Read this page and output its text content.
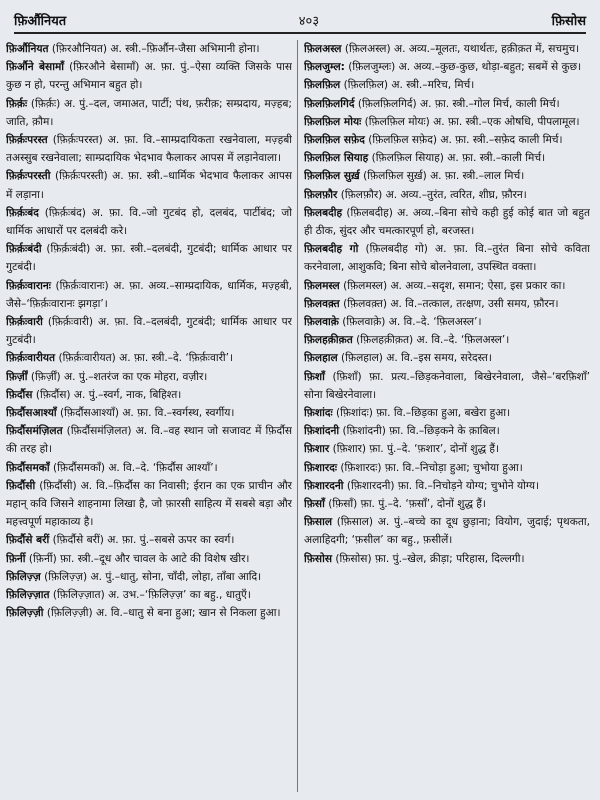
फ़िर्औनियत	४०३	फ़िसोस
फ़िर्औनियत (फ़िरऔनियत) अ. स्त्री.–फ़िर्औन-जैसा अभिमानी होना।
फ़िर्औने बेसामाँ (फ़िरऔने बेसामाँ) अ. फ़ा. पुं.–ऐसा व्यक्ति जिसके पास कुछ न हो, परन्तु अभिमान बहुत हो।
फ़िर्क़ः (फ़िर्क़ः) अ. पुं.–दल, जमाअत, पार्टी; पंथ, फ़रीक़; सम्प्रदाय, मज़्हब; जाति, क़ौम।
फ़िर्क़ःपरस्त (फ़िर्क़ःपरस्त) अ. फ़ा. वि.–साम्प्रदायिकता रखनेवाला, मज़्हबी तअस्सुब रखनेवाला; साम्प्रदायिक भेदभाव फैलाकर आपस में लड़ानेवाला।
फ़िर्क़ःपरस्ती (फ़िर्क़ःपरस्ती) अ. फ़ा. स्त्री.–धार्मिक भेदभाव फैलाकर आपस में लड़ाना।
फ़िर्क़ःबंद (फ़िर्क़ःबंद) अ. फ़ा. वि.–जो गुटबंद हो, दलबंद, पार्टीबंद; जो धार्मिक आधारों पर दलबंदी करे।
फ़िर्क़ःबंदी (फ़िर्क़ःबंदी) अ. फ़ा. स्त्री.–दलबंदी, गुटबंदी; धार्मिक आधार पर गुटबंदी।
फ़िर्क़ःवारानः (फ़िर्क़ःवारानः) अ. फ़ा. अव्य.–साम्प्रदायिक, धार्मिक, मज़्हबी, जैसे–‘फ़िर्क़ःवारानः झगड़ा’।
फ़िर्क़ःवारी (फ़िर्क़ःवारी) अ. फ़ा. वि.–दलबंदी, गुटबंदी; धार्मिक आधार पर गुटबंदी।
फ़िर्क़ःवारीयत (फ़िर्क़ःवारीयत) अ. फ़ा. स्त्री.–दे. ‘फ़िर्क़ःवारी’।
फ़िर्ज़ीं (फ़िर्ज़ीं) अ. पुं.–शतरंज का एक मोहरा, वज़ीर।
फ़िर्दौस (फ़िर्दौस) अ. पुं.–स्वर्ग, नाक, बिहिश्त।
फ़िर्दौसआश्याँ (फ़िर्दौसआश्याँ) अ. फ़ा. वि.–स्वर्गस्थ, स्वर्गीय।
फ़िर्दौसमंज़िलत (फ़िर्दौसमंज़िलत) अ. वि.–वह स्थान जो सजावट में फ़िर्दौस की तरह हो।
फ़िर्दौसमकाँ (फ़िर्दौसमकाँ) अ. वि.–दे. ‘फ़िर्दौस आश्याँ’।
फ़िर्दौसी (फ़िर्दौसी) अ. वि.–फ़िर्दौस का निवासी; ईरान का एक प्राचीन और महान् कवि जिसने शाहनामा लिखा है, जो फ़ारसी साहित्य में सबसे बड़ा और महत्त्वपूर्ण महाकाव्य है।
फ़िर्दौसे बरीं (फ़िर्दौसे बरीं) अ. फ़ा. पुं.–सबसे ऊपर का स्वर्ग।
फ़िर्नी (फ़िर्नी) फ़ा. स्त्री.–दूध और चावल के आटे की विशेष खीर।
फ़िलिज़्ज़ (फ़िलिज़्ज़) अ. पुं.–धातु, सोना, चाँदी, लोहा, ताँबा आदि।
फ़िलिज़्ज़ात (फ़िलिज़्ज़ात) अ. उभ.–‘फ़िलिज़्ज़’ का बहु., धातुएँ।
फ़िलिज़्ज़ी (फ़िलिज़्ज़ी) अ. वि.–धातु से बना हुआ; खान से निकला हुआ।
फ़िलअस्ल (फ़िलअस्ल) अ. अव्य.–मूलतः, यथार्थतः, हक़ीक़त में, सचमुच।
फ़िलजुम्ल: (फ़िलजुम्लः) अ. अव्य.–कुछ-कुछ, थोड़ा-बहुत; सबमें से कुछ।
फ़िलफ़िल (फ़िलफ़िल) अ. स्त्री.–मरिच, मिर्च।
फ़िलफ़िलगिर्द (फ़िलफ़िलगिर्द) अ. फ़ा. स्त्री.–गोल मिर्च, काली मिर्च।
फ़िलफ़िल मोयः (फ़िलफ़िल मोयः) अ. फ़ा. स्त्री.–एक ओषधि, पीपलामूल।
फ़िलफ़िल सफ़ेद (फ़िलफ़िल सफ़ेद) अ. फ़ा. स्त्री.–सफ़ेद काली मिर्च।
फ़िलफ़िल सियाह (फ़िलफ़िल सियाह) अ. फ़ा. स्त्री.–काली मिर्च।
फ़िलफ़िल सुर्ख़ (फ़िलफ़िल सुर्ख़) अ. फ़ा. स्त्री.–लाल मिर्च।
फ़िलफ़ौर (फ़िलफ़ौर) अ. अव्य.–तुरंत, त्वरित, शीघ्र, फ़ौरन।
फ़िलबदीह (फ़िलबदीह) अ. अव्य.–बिना सोचे कही हुई कोई बात जो बहुत ही ठीक, सुंदर और चमत्कारपूर्ण हो, बरजस्त।
फ़िलबदीह गो (फ़िलबदीह गो) अ. फ़ा. वि.–तुरंत बिना सोचे कविता करनेवाला, आशुकवि; बिना सोचे बोलनेवाला, उपस्थित वक्ता।
फ़िलमस्ल (फ़िलमस्ल) अ. अव्य.–सदृश, समान; ऐसा, इस प्रकार का।
फ़िलवक़्त (फ़िलवक़्त) अ. वि.–तत्काल, तत्क्षण, उसी समय, फ़ौरन।
फ़िलवाक़े (फ़िलवाक़े) अ. वि.–दे. ‘फ़िलअस्ल’।
फ़िलहक़ीक़त (फ़िलहक़ीक़त) अ. वि.–दे. ‘फ़िलअस्ल’।
फ़िलहाल (फ़िलहाल) अ. वि.–इस समय, सरेदस्त।
फ़िशाँ (फ़िशाँ) फ़ा. प्रत्य.–छिड़कनेवाला, बिखेरनेवाला, जैसे–‘बरफ़िशाँ’ सोना बिखेरनेवाला।
फ़िशांदः (फ़िशांदः) फ़ा. वि.–छिड़का हुआ, बखेरा हुआ।
फ़िशांदनी (फ़िशांदनी) फ़ा. वि.–छिड़कने के क़ाबिल।
फ़िशार (फ़िशार) फ़ा. पुं.–दे. ‘फ़शार’, दोनों शुद्ध हैं।
फ़िशारदः (फ़िशारदः) फ़ा. वि.–निचोड़ा हुआ; चुभोया हुआ।
फ़िशारदनी (फ़िशारदनी) फ़ा. वि.–निचोड़ने योग्य; चुभोने योग्य।
फ़िसाँ (फ़िसाँ) फ़ा. पुं.–दे. ‘फ़साँ’, दोनों शुद्ध हैं।
फ़िसाल (फ़िसाल) अ. पुं.–बच्चे का दूध छुड़ाना; वियोग, जुदाई; पृथकता, अलाहिदगी; ‘फ़सील’ का बहु., फ़सीलें।
फ़िसोस (फ़िसोस) फ़ा. पुं.–खेल, क्रीड़ा; परिहास, दिल्लगी।
